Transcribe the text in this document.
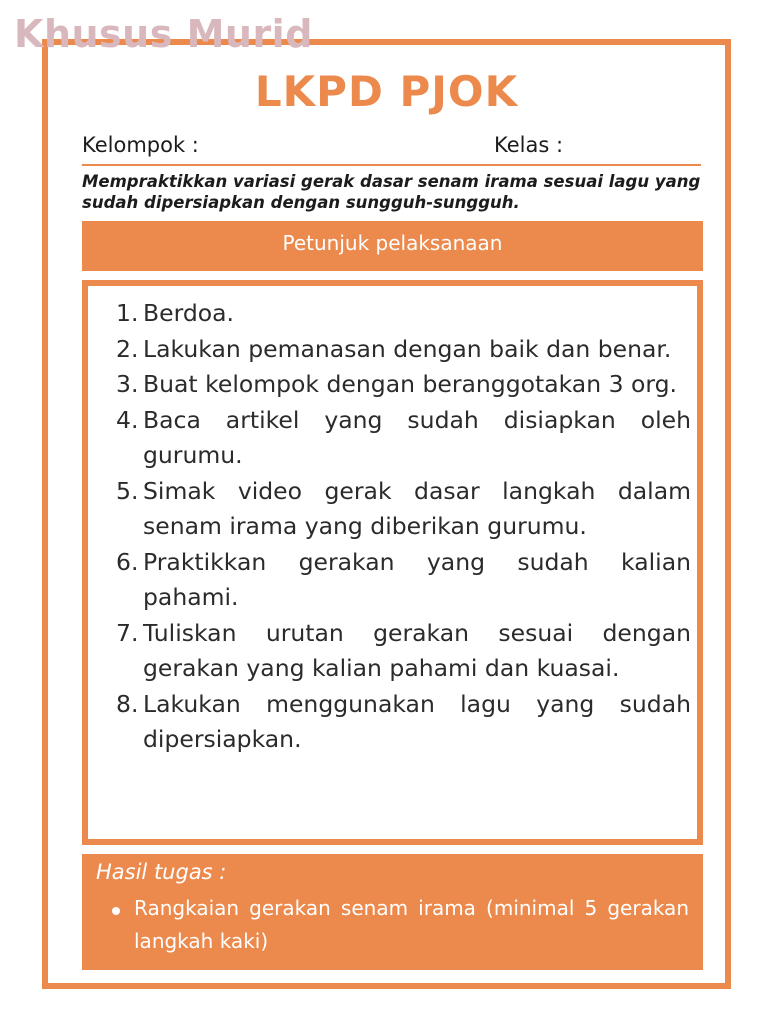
Khusus Murid
LKPD PJOK
Kelompok :	Kelas :
Mempraktikkan variasi gerak dasar senam irama sesuai lagu yang sudah dipersiapkan dengan sungguh-sungguh.
Petunjuk pelaksanaan
1. Berdoa.
2. Lakukan pemanasan dengan baik dan benar.
3. Buat kelompok dengan beranggotakan 3 org.
4. Baca artikel yang sudah disiapkan oleh gurumu.
5. Simak video gerak dasar langkah dalam senam irama yang diberikan gurumu.
6. Praktikkan gerakan yang sudah kalian pahami.
7. Tuliskan urutan gerakan sesuai dengan gerakan yang kalian pahami dan kuasai.
8. Lakukan menggunakan lagu yang sudah dipersiapkan.
Hasil tugas :
Rangkaian gerakan senam irama (minimal 5 gerakan langkah kaki)
